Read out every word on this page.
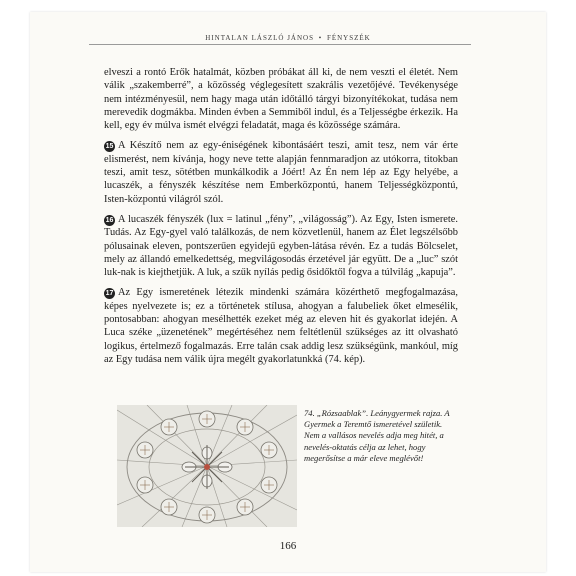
HINTALAN LÁSZLÓ JÁNOS • FÉNYSZÉK

elveszi a rontó Erők hatalmát, közben próbákat áll ki, de nem veszti el életét. Nem válik „szakemberré”, a közösség véglegesített szakrális vezetőjévé. Tevékenysége nem intézményesül, nem hagy maga után időtálló tárgyi bizonyítékokat, tudása nem merevedik dogmákba. Minden évben a Semmiből indul, és a Teljességbe érkezik. Ha kell, egy év múlva ismét elvégzi feladatát, maga és közössége számára.

15 A Készítő nem az egy-éniségének kibontásáért teszi, amit tesz, nem vár érte elismerést, nem kívánja, hogy neve tette alapján fennmaradjon az utókorra, titokban teszi, amit tesz, sötétben munkálkodik a Jóért! Az Én nem lép az Egy helyébe, a lucaszék, a fényszék készítése nem Emberközpontú, hanem Teljességközpontú, Isten-központú világról szól.

16 A lucaszék fényszék (lux = latinul „fény”, „világosság”). Az Egy, Isten ismerete. Tudás. Az Egy-gyel való találkozás, de nem közvetlenül, hanem az Élet legszélsőbb pólusainak eleven, pontszerűen egyidejű egyben-látása révén. Ez a tudás Bölcselet, mely az állandó emelkedettség, megvilágosodás érzetével jár együtt. De a „luc” szót luk-nak is kiejthetjük. A luk, a szűk nyílás pedig ősidőktől fogva a túlvilág „kapuja”.

17 Az Egy ismeretének létezik mindenki számára közérthető megfogalmazása, képes nyelvezete is; ez a történetek stílusa, ahogyan a falubeliek őket elmesélik, pontosabban: ahogyan mesélhették ezeket még az eleven hit és gyakorlat idején. A Luca széke „üzenetének” megértéséhez nem feltétlenül szükséges az itt olvasható logikus, értelmező fogalmazás. Erre talán csak addig lesz szükségünk, mankóul, míg az Egy tudása nem válik újra megélt gyakorlatunkká (74. kép).

74. „Rózsaablak”. Leánygyermek rajza. A Gyermek a Teremtő ismeretével születik. Nem a vallásos nevelés adja meg hitét, a nevelés-oktatás célja az lehet, hogy megerősítse a már eleve meglévőt!
166
